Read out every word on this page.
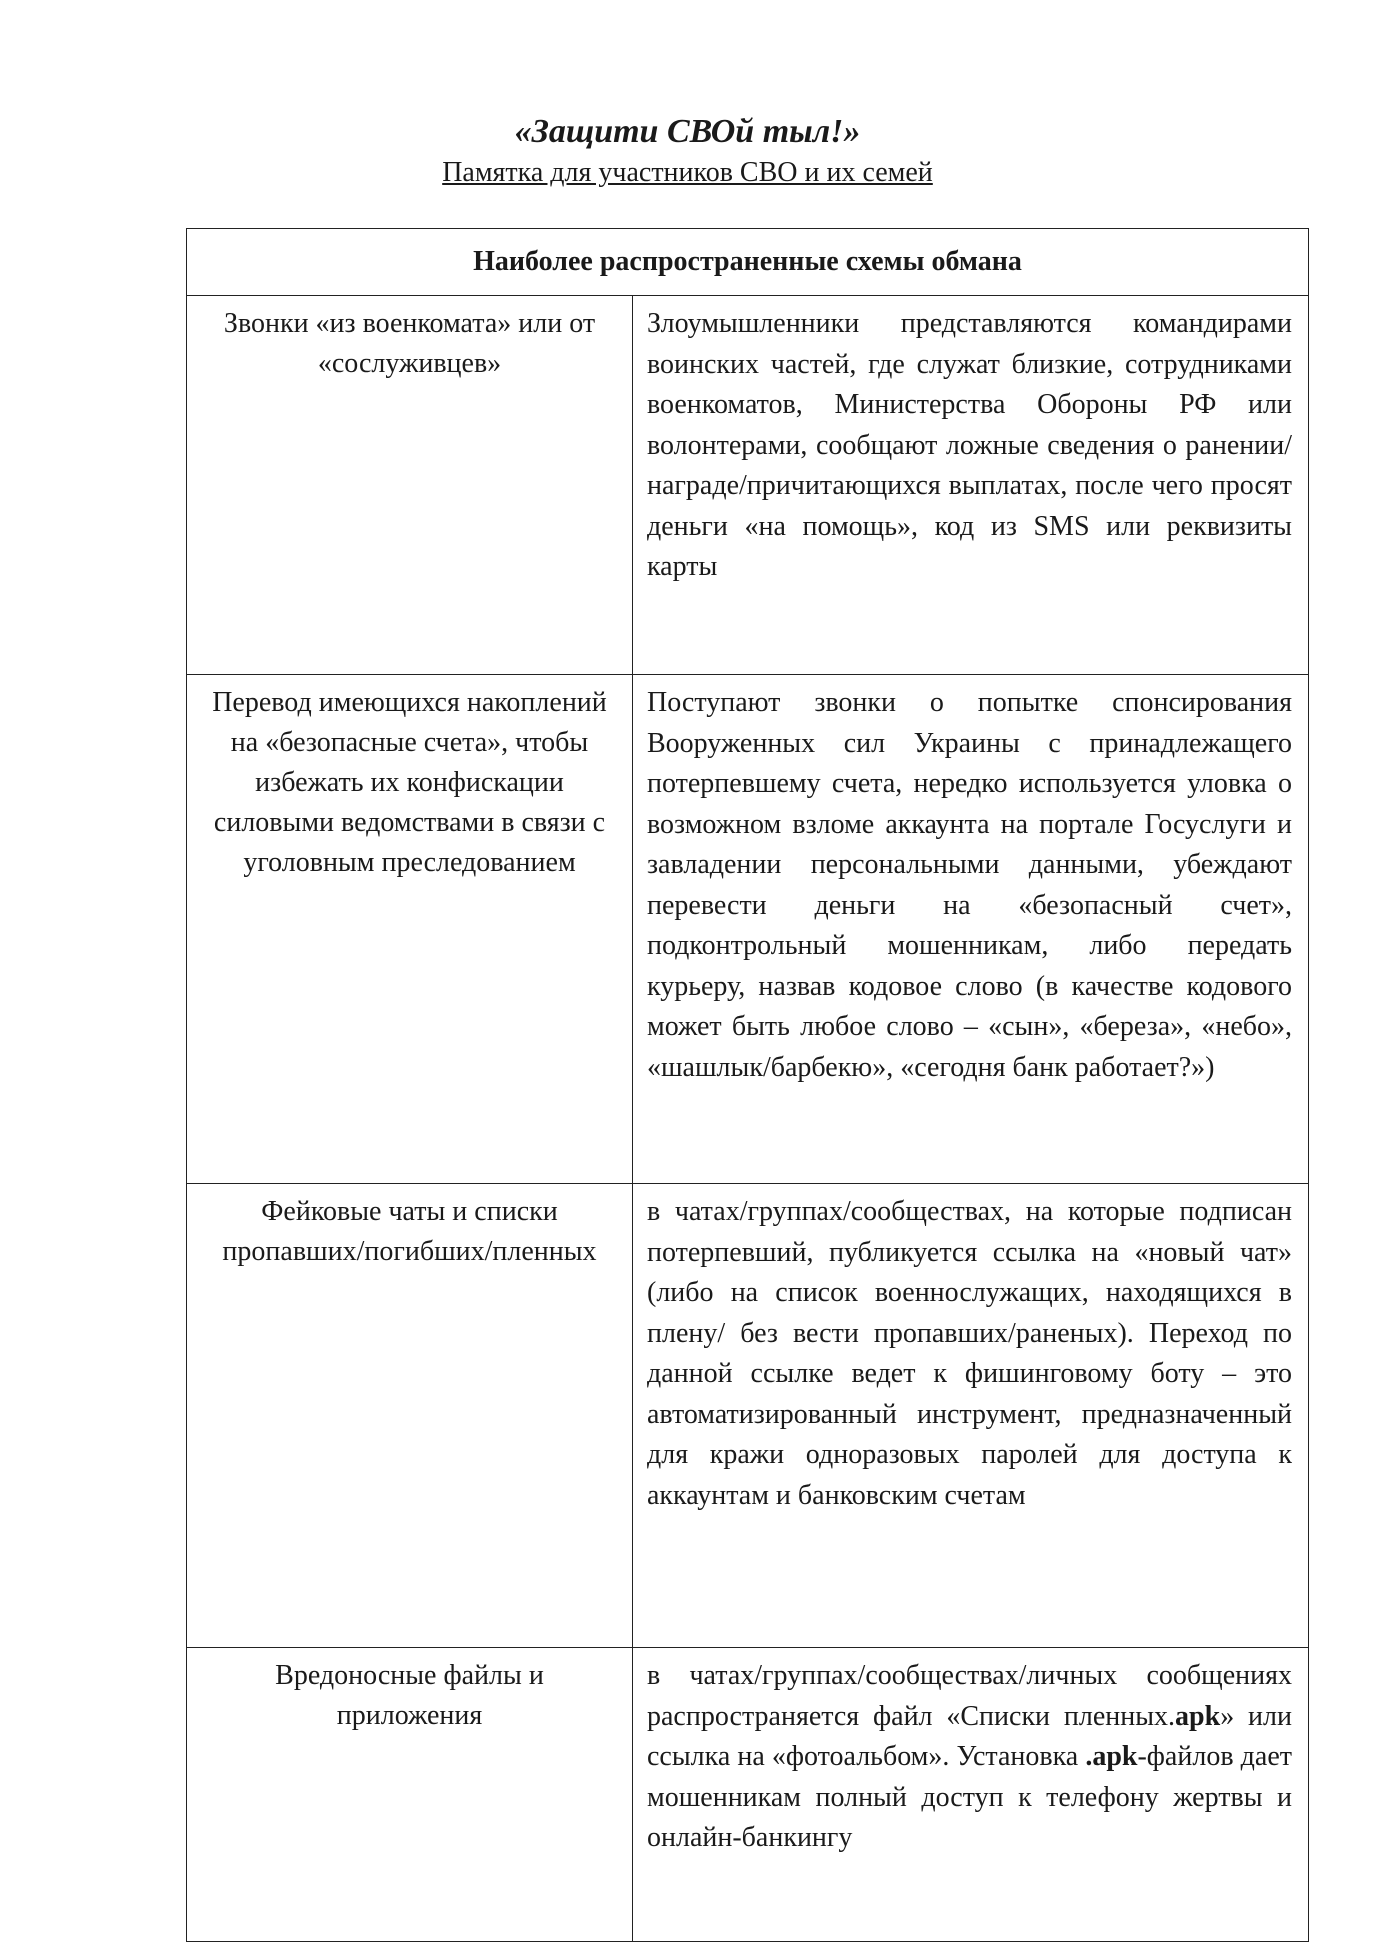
«Защити СВОй тыл!»
Памятка для участников СВО и их семей
Наиболее распространенные схемы обмана	
Звонки «из военкомата» или от «сослуживцев»	Злоумышленники представляются командирами воинских частей, где служат близкие, сотрудниками военкоматов, Министерства Обороны РФ или волонтерами, сообщают ложные сведения о ранении/награде/причитающихся выплатах, после чего просят деньги «на помощь», код из SMS или реквизиты карты
Перевод имеющихся накоплений на «безопасные счета», чтобы избежать их конфискации силовыми ведомствами в связи с уголовным преследованием	Поступают звонки о попытке спонсирования Вооруженных сил Украины с принадлежащего потерпевшему счета, нередко используется уловка о возможном взломе аккаунта на портале Госуслуги и завладении персональными данными, убеждают перевести деньги на «безопасный счет», подконтрольный мошенникам, либо передать курьеру, назвав кодовое слово (в качестве кодового может быть любое слово – «сын», «береза», «небо», «шашлык/барбекю», «сегодня банк работает?»)
Фейковые чаты и списки пропавших/погибших/пленных	в чатах/группах/сообществах, на которые подписан потерпевший, публикуется ссылка на «новый чат» (либо на список военнослужащих, находящихся в плену/ без вести пропавших/раненых). Переход по данной ссылке ведет к фишинговому боту – это автоматизированный инструмент, предназначенный для кражи одноразовых паролей для доступа к аккаунтам и банковским счетам
Вредоносные файлы и приложения	в чатах/группах/сообществах/личных сообщениях распространяется файл «Списки пленных.apk» или ссылка на «фотоальбом». Установка .apk-файлов дает мошенникам полный доступ к телефону жертвы и онлайн-банкингу
